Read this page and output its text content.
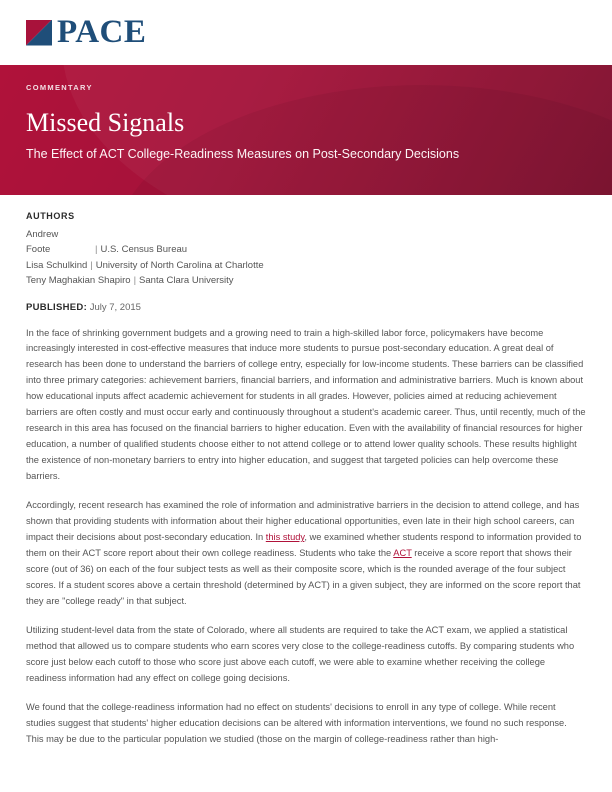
PACE
COMMENTARY
Missed Signals
The Effect of ACT College-Readiness Measures on Post-Secondary Decisions
AUTHORS
Andrew
Foote	| U.S. Census Bureau
Lisa Schulkind | University of North Carolina at Charlotte
Teny Maghakian Shapiro | Santa Clara University
PUBLISHED: July 7, 2015

In the face of shrinking government budgets and a growing need to train a high-skilled labor force, policymakers have become increasingly interested in cost-effective measures that induce more students to pursue post-secondary education. A great deal of research has been done to understand the barriers of college entry, especially for low-income students. These barriers can be classified into three primary categories: achievement barriers, financial barriers, and information and administrative barriers. Much is known about how educational inputs affect academic achievement for students in all grades. However, policies aimed at reducing achievement barriers are often costly and must occur early and continuously throughout a student's academic career. Thus, until recently, much of the research in this area has focused on the financial barriers to higher education. Even with the availability of financial resources for higher education, a number of qualified students choose either to not attend college or to attend lower quality schools. These results highlight the existence of non-monetary barriers to entry into higher education, and suggest that targeted policies can help overcome these barriers.

Accordingly, recent research has examined the role of information and administrative barriers in the decision to attend college, and has shown that providing students with information about their higher educational opportunities, even late in their high school careers, can impact their decisions about post-secondary education. In this study, we examined whether students respond to information provided to them on their ACT score report about their own college readiness. Students who take the ACT receive a score report that shows their score (out of 36) on each of the four subject tests as well as their composite score, which is the rounded average of the four subject scores. If a student scores above a certain threshold (determined by ACT) in a given subject, they are informed on the score report that they are "college ready" in that subject.

Utilizing student-level data from the state of Colorado, where all students are required to take the ACT exam, we applied a statistical method that allowed us to compare students who earn scores very close to the college-readiness cutoffs. By comparing students who score just below each cutoff to those who score just above each cutoff, we were able to examine whether receiving the college readiness information had any effect on college going decisions.

We found that the college-readiness information had no effect on students' decisions to enroll in any type of college. While recent studies suggest that students' higher education decisions can be altered with information interventions, we found no such response. This may be due to the particular population we studied (those on the margin of college-readiness rather than high-
